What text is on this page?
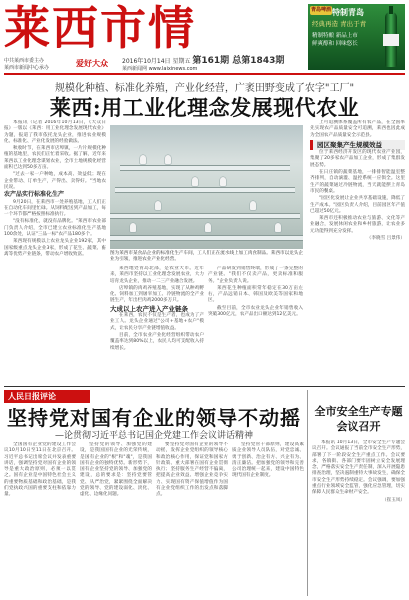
莱西市情	青岛啤酒 特制青岛
经典再造 青出于青
精制特酿 新品上市
鲜爽醇和 回味悠长
中共莱西市委主办
莱西市新闻中心承办	爱好大众	2016年10月14日 星期五 第161期 总第1843期
莱西新闻网 www.laixinews.com
规模化种植、标准化养殖，产业化经营，广袤田野变成了农字"工厂"
莱西:用工业化理念发展现代农业

本报讯（记者 2016年10月13日，《大众日报》一版以《莱西：用工业化理念发展现代农业》为题，报道了我市依托龙头企业，推进农业规模化、标准化、产业化发展的经验做法。

秋收时节，在莱西市店埠镇，一片片规模化种植的基地里，农民们正忙着采收。据了解，近年来莱西以工业化理念谋划农业，全市土地规模化经营面积已达到50多万亩。

"过去一家一户种地，成本高、效益低；现在企业带动、订单生产，产得出、卖得好。"当地农民说。

农产品实行标准化生产

9月20日，在莱西市一处养殖基地，工人们正在自动化车间里忙碌。从饲料配送到产品加工，每一个环节都严格按照标准执行。

"没有标准化，就没有品牌化。"莱西市农业部门负责人介绍，全市已建立农业标准化生产基地100余处，认证"三品一标"农产品180多个。

莱西现有规模以上农业龙头企业192家，其中国家级重点龙头企业3家，形成了花生、蔬菜、畜禽等优势产业链条，带动农户增收致富。	图为莱西市某食品企业的标准化生产车间，工人们正在流水线上加工肉食制品。莱西市以龙头企业为引领，推进农业产业化经营。

莱西地处青岛北部，是农业大市。近年来，莱西市坚持以工业化理念发展农业，大力培育龙头企业，推动一二三产业融合发展。

店埠镇的肉鸡养殖基地，实现了从种鸡孵化、饲料加工到屠宰加工、冷链物流的全产业链生产，年出栏肉鸡2000多万只。

大成以上农产进入产业链条

在莱西，农民不仅是生产者，也成为了产业工人。龙头企业通过"公司+基地+农户"模式，让农民分享产业链增值收益。

目前，全市农业产业化经营组织带动农户覆盖率达到80%以上，农民人均可支配收入持续增长。

产品研发到销售终端，形成了一条完整的产业链。"我们不仅卖产品，更卖标准和服务。"企业负责人说。

莱西花生种植面积常年稳定在30万亩左右，产品远销日本、韩国及欧美等国家和地区。

截至目前，全市农业龙头企业年销售收入突破300亿元，农产品出口额达到12亿美元。

上可追溯体系覆盖所有农产品，在全国率先实现农产品质量安全可追溯，莱西也因此成为全国农产品质量安全示范县。

园区聚集产生规模效益

位于莱西经济开发区的现代农业产业园，集聚了20多家农产品加工企业，形成了集群发展态势。

在日庄镇的蔬菜基地，一排排智能温室整齐排列，自动滴灌、温控系统一应俱全。这里生产的蔬菜通过冷链物流，当天就能摆上青岛市民的餐桌。

"园区化发展让企业共享基础设施，降低了生产成本。"园区负责人介绍，目前园区年产值已超过50亿元。

莱西市还积极推动农业与旅游、文化等产业融合，发展休闲农业和乡村旅游，让农业多元功能得到充分发挥。

（李晓雪 吕景伟）

人民日报评论
坚持党对国有企业的领导不动摇
—论贯彻习近平总书记国企党建工作会议讲话精神

全国国有企业党的建设工作会议10月10日至11日在北京召开。习近平总书记出席会议并发表重要讲话，强调坚持党对国有企业的领导是重大政治原则，必须一以贯之。国有企业是中国特色社会主义的重要物质基础和政治基础，是我们党执政兴国的重要支柱和依靠力量。

坚持党的领导、加强党的建设，是我国国有企业的光荣传统，是国有企业的"根"和"魂"，是我国国有企业的独特优势。新形势下，国有企业坚持党的领导、加强党的建设，总的要求是：坚持党要管党、从严治党，紧紧围绕全面解决党的领导、党的建设弱化、淡化、虚化、边缘化问题。

要坚持党对国有企业的领导不动摇，发挥企业党组织的领导核心和政治核心作用，保证党和国家方针政策、重大部署在国有企业贯彻执行；坚持服务生产经营不偏离，把提高企业效益、增强企业竞争实力、实现国有资产保值增值作为国有企业党组织工作的出发点和落脚点。

坚持党管干部原则，建设高素质企业领导人员队伍，对党忠诚、勇于创新、治企有方、兴企有为、清正廉洁。把加强党的领导和完善公司治理统一起来，建设中国特色现代国有企业制度。

全市安全生产专题会议召开

本报讯 10月13日，全市安全生产专题会议召开。会议通报了当前全市安全生产形势，部署了下一阶段安全生产重点工作。会议要求，各镇街、各部门要牢固树立安全发展理念，严格落实安全生产责任制，深入开展隐患排查治理，坚决遏制重特大事故发生，确保全市安全生产形势持续稳定。会议强调，要加强重点行业领域安全监管，强化应急管理，切实保障人民群众生命财产安全。

（崔玉凤）
